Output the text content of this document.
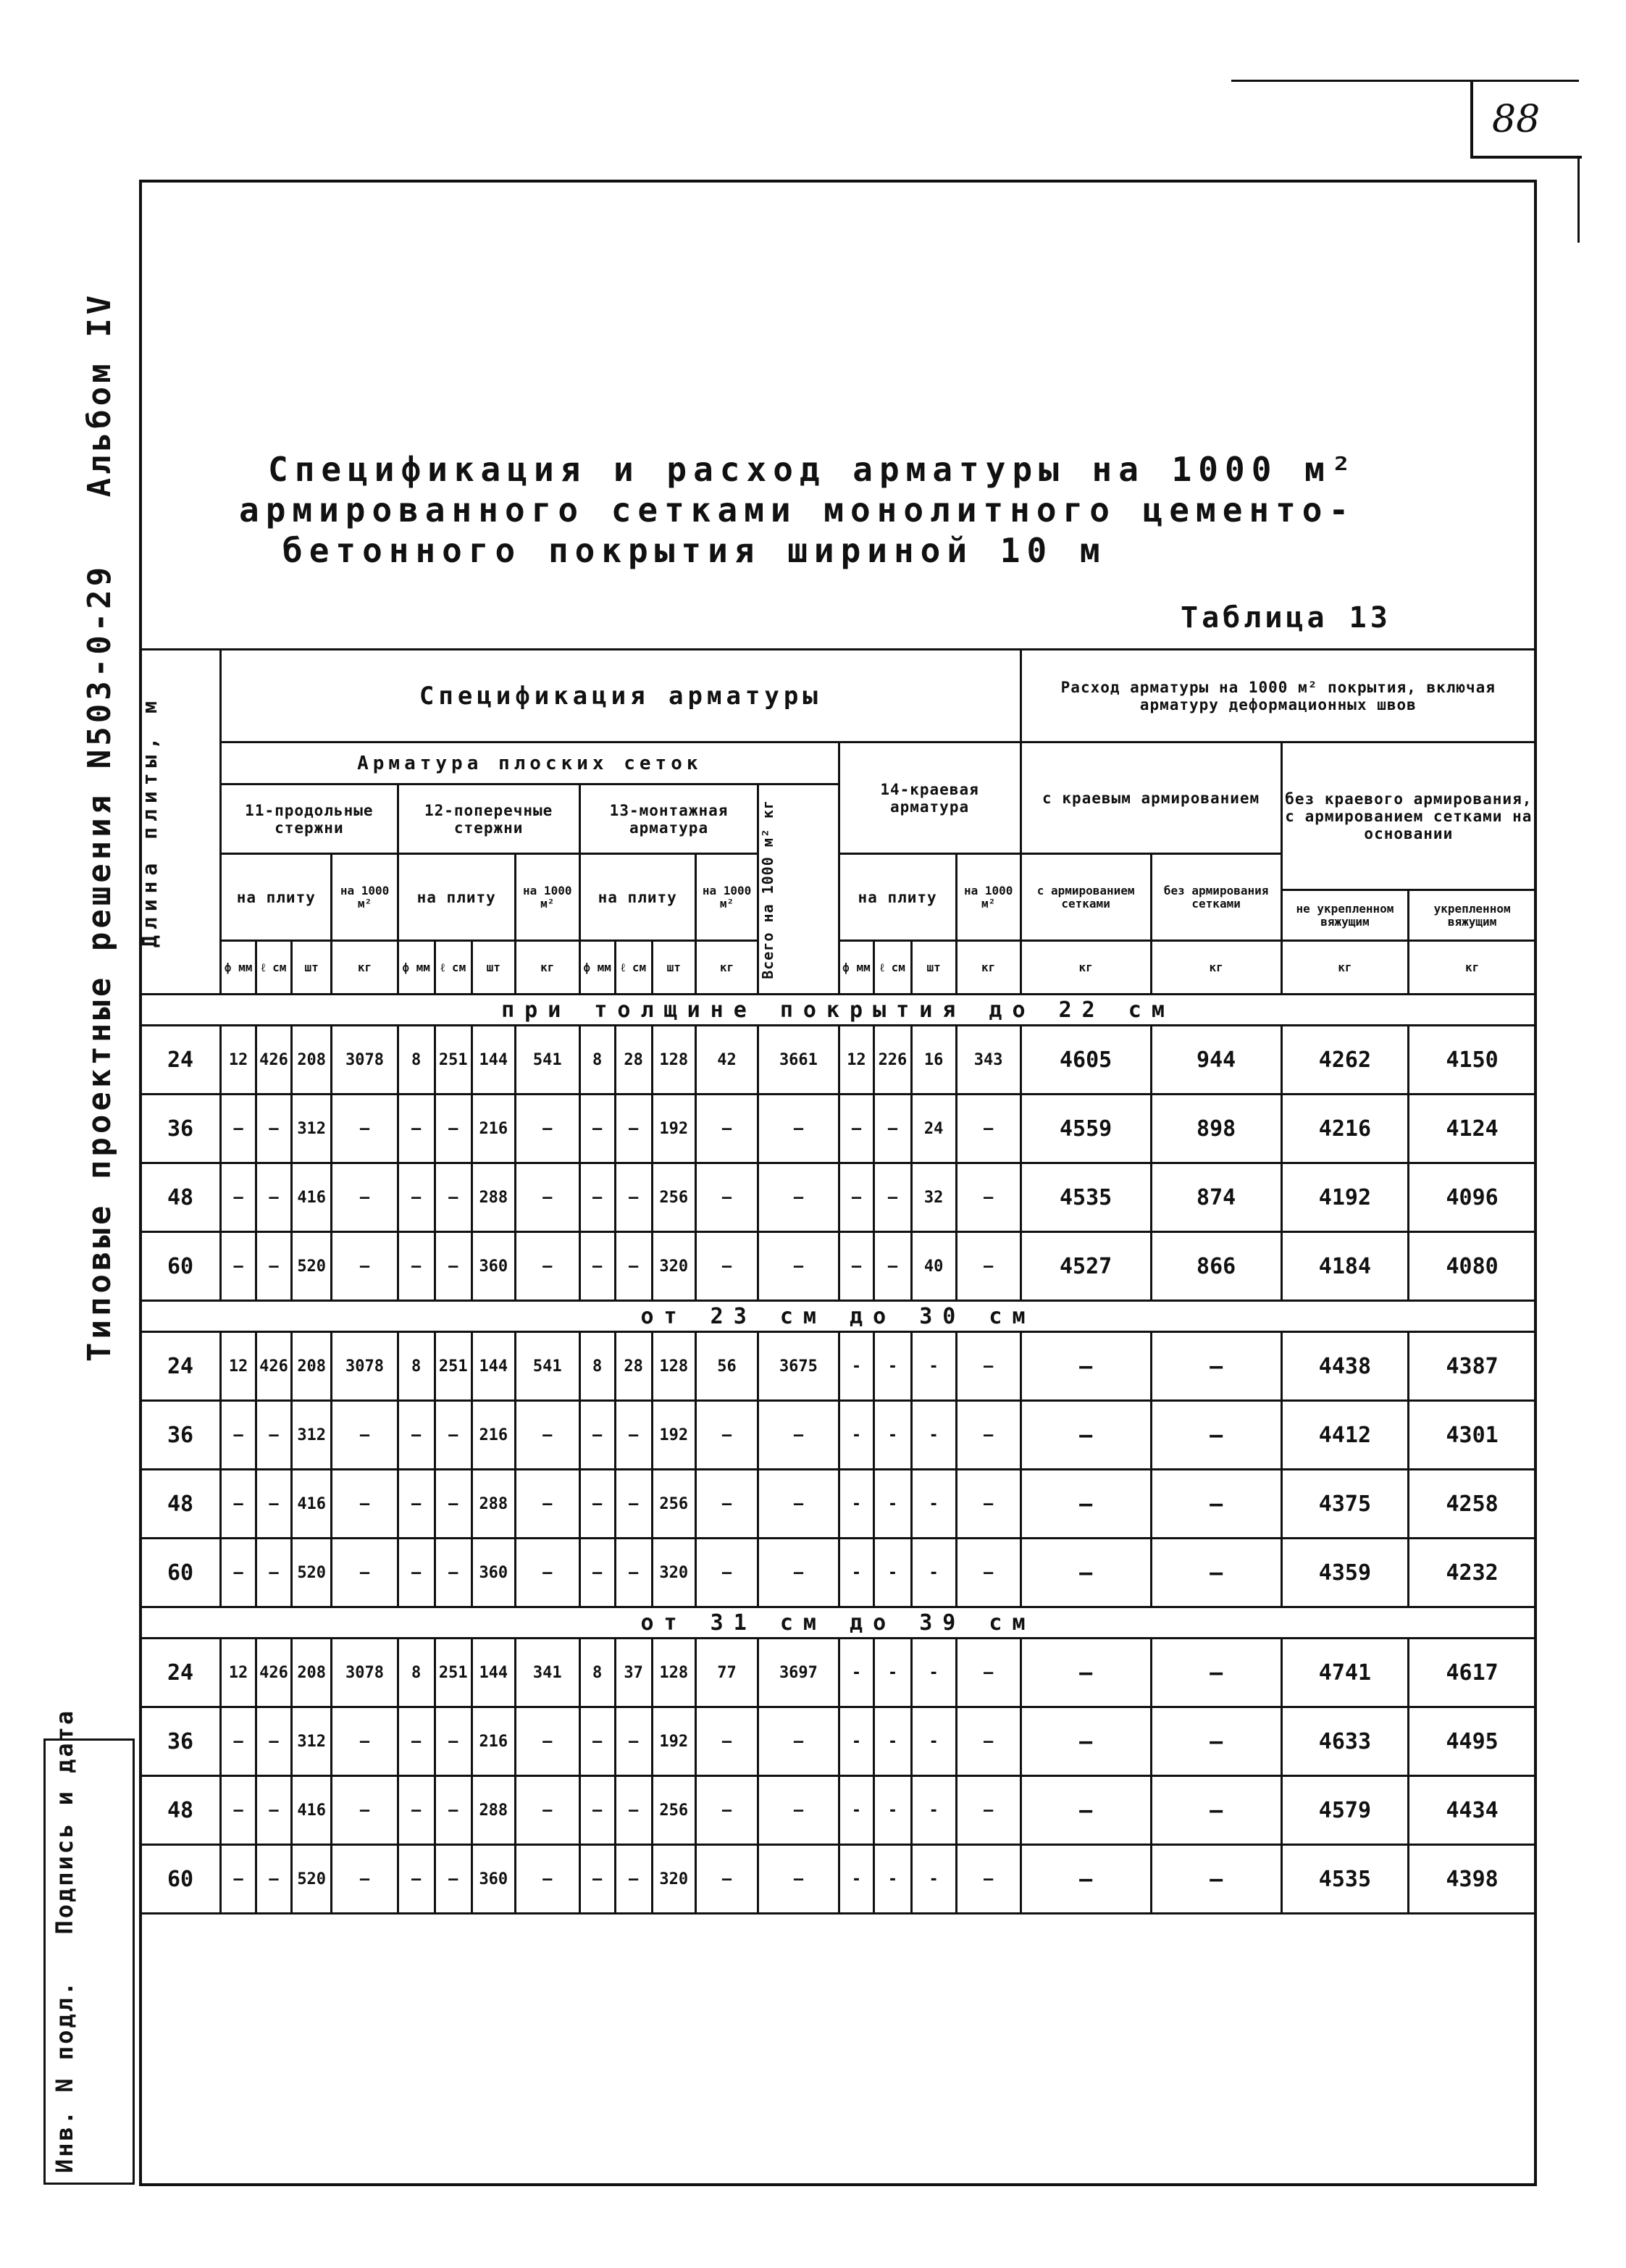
88
Типовые проектные решения N503-0-29 Альбом IV
Инв. N подл. Подпись и дата
Спецификация и расход арматуры на 1000 м²
армированного сетками монолитного цементо-
бетонного покрытия шириной 10 м
Таблица 13
Длина плиты, м	Спецификация арматуры																	Расход арматуры на 1000 м² покрытия, включая арматуру деформационных швов			
	Арматура плоских сеток													14-краевая арматура				с краевым армированием		без краевого армирования, с армированием сетками на основании	
	11-продольные стержни				12-поперечные стержни				13-монтажная арматура				Всего на 1000 м² кг								

	на плиту			на 1000 м²	на плиту			на 1000 м²	на плиту			на 1000 м²		на плиту			на 1000 м²	с армированием сетками	без армирования сетками		
																				не укрепленном вяжущим	укрепленном вяжущим
	ф мм	ℓ см	шт	кг	ф мм	ℓ см	шт	кг	ф мм	ℓ см	шт	кг		ф мм	ℓ см	шт	кг	кг	кг	кг	кг
при толщине покрытия до 22 см																					
24	12	426	208	3078	8	251	144	541	8	28	128	42	3661	12	226	16	343	4605	944	4262	4150
36	—	—	312	—	—	—	216	—	—	—	192	—	—	—	—	24	—	4559	898	4216	4124
48	—	—	416	—	—	—	288	—	—	—	256	—	—	—	—	32	—	4535	874	4192	4096
60	—	—	520	—	—	—	360	—	—	—	320	—	—	—	—	40	—	4527	866	4184	4080
от 23 см до 30 см																					
24	12	426	208	3078	8	251	144	541	8	28	128	56	3675	-	-	-	—	—	—	4438	4387
36	—	—	312	—	—	—	216	—	—	—	192	—	—	-	-	-	—	—	—	4412	4301
48	—	—	416	—	—	—	288	—	—	—	256	—	—	-	-	-	—	—	—	4375	4258
60	—	—	520	—	—	—	360	—	—	—	320	—	—	-	-	-	—	—	—	4359	4232
от 31 см до 39 см																					
24	12	426	208	3078	8	251	144	341	8	37	128	77	3697	-	-	-	—	—	—	4741	4617
36	—	—	312	—	—	—	216	—	—	—	192	—	—	-	-	-	—	—	—	4633	4495
48	—	—	416	—	—	—	288	—	—	—	256	—	—	-	-	-	—	—	—	4579	4434
60	—	—	520	—	—	—	360	—	—	—	320	—	—	-	-	-	—	—	—	4535	4398
